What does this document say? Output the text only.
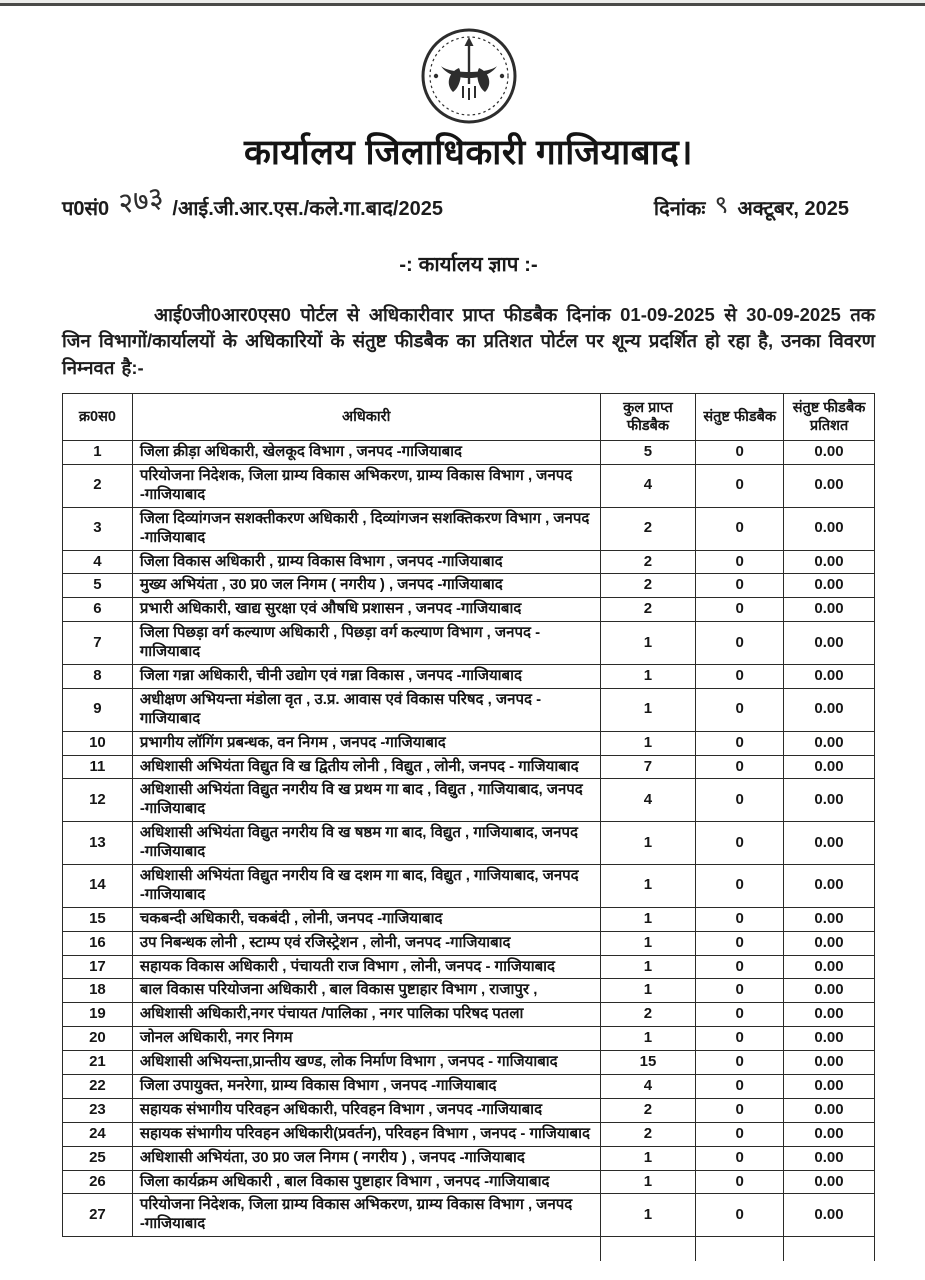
कार्यालय जिलाधिकारी गाजियाबाद।
प0सं0 २७३ /आई.जी.आर.एस./कले.गा.बाद/2025	दिनांकः ९ अक्टूबर, 2025
-: कार्यालय ज्ञाप :-
आई0जी0आर0एस0 पोर्टल से अधिकारीवार प्राप्त फीडबैक दिनांक 01-09-2025 से 30-09-2025 तक जिन विभागों/कार्यालयों के अधिकारियों के संतुष्ट फीडबैक का प्रतिशत पोर्टल पर शून्य प्रदर्शित हो रहा है, उनका विवरण निम्नवत है:-
क्र0स0	अधिकारी	कुल प्राप्त फीडबैक	संतुष्ट फीडबैक	संतुष्ट फीडबैक प्रतिशत
1	जिला क्रीड़ा अधिकारी, खेलकूद विभाग , जनपद -गाजियाबाद	5	0	0.00
2	परियोजना निदेशक, जिला ग्राम्य विकास अभिकरण, ग्राम्य विकास विभाग , जनपद -गाजियाबाद	4	0	0.00
3	जिला दिव्यांगजन सशक्तीकरण अधिकारी , दिव्यांगजन सशक्तिकरण विभाग , जनपद -गाजियाबाद	2	0	0.00
4	जिला विकास अधिकारी , ग्राम्य विकास विभाग , जनपद -गाजियाबाद	2	0	0.00
5	मुख्य अभियंता , उ0 प्र0 जल निगम ( नगरीय ) , जनपद -गाजियाबाद	2	0	0.00
6	प्रभारी अधिकारी, खाद्य सुरक्षा एवं औषधि प्रशासन , जनपद -गाजियाबाद	2	0	0.00
7	जिला पिछड़ा वर्ग कल्याण अधिकारी , पिछड़ा वर्ग कल्याण विभाग , जनपद - गाजियाबाद	1	0	0.00
8	जिला गन्ना अधिकारी, चीनी उद्योग एवं गन्ना विकास , जनपद -गाजियाबाद	1	0	0.00
9	अधीक्षण अभियन्ता मंडोला वृत , उ.प्र. आवास एवं विकास परिषद , जनपद - गाजियाबाद	1	0	0.00
10	प्रभागीय लॉगिंग प्रबन्धक, वन निगम , जनपद -गाजियाबाद	1	0	0.00
11	अधिशासी अभियंता विद्युत वि ख द्वितीय लोनी , विद्युत , लोनी, जनपद - गाजियाबाद	7	0	0.00
12	अधिशासी अभियंता विद्युत नगरीय वि ख प्रथम गा बाद , विद्युत , गाजियाबाद, जनपद -गाजियाबाद	4	0	0.00
13	अधिशासी अभियंता विद्युत नगरीय वि ख षष्ठम गा बाद, विद्युत , गाजियाबाद, जनपद -गाजियाबाद	1	0	0.00
14	अधिशासी अभियंता विद्युत नगरीय वि ख दशम गा बाद, विद्युत , गाजियाबाद, जनपद -गाजियाबाद	1	0	0.00
15	चकबन्दी अधिकारी, चकबंदी , लोनी, जनपद -गाजियाबाद	1	0	0.00
16	उप निबन्धक लोनी , स्टाम्प एवं रजिस्ट्रेशन , लोनी, जनपद -गाजियाबाद	1	0	0.00
17	सहायक विकास अधिकारी , पंचायती राज विभाग , लोनी, जनपद - गाजियाबाद	1	0	0.00
18	बाल विकास परियोजना अधिकारी , बाल विकास पुष्टाहार विभाग , राजापुर ,	1	0	0.00
19	अधिशासी अधिकारी,नगर पंचायत /पालिका , नगर पालिका परिषद पतला	2	0	0.00
20	जोनल अधिकारी, नगर निगम	1	0	0.00
21	अधिशासी अभियन्ता,प्रान्तीय खण्ड, लोक निर्माण विभाग , जनपद - गाजियाबाद	15	0	0.00
22	जिला उपायुक्त, मनरेगा, ग्राम्य विकास विभाग , जनपद -गाजियाबाद	4	0	0.00
23	सहायक संभागीय परिवहन अधिकारी, परिवहन विभाग , जनपद -गाजियाबाद	2	0	0.00
24	सहायक संभागीय परिवहन अधिकारी(प्रवर्तन), परिवहन विभाग , जनपद - गाजियाबाद	2	0	0.00
25	अधिशासी अभियंता, उ0 प्र0 जल निगम ( नगरीय ) , जनपद -गाजियाबाद	1	0	0.00
26	जिला कार्यक्रम अधिकारी , बाल विकास पुष्टाहार विभाग , जनपद -गाजियाबाद	1	0	0.00
27	परियोजना निदेशक, जिला ग्राम्य विकास अभिकरण, ग्राम्य विकास विभाग , जनपद -गाजियाबाद	1	0	0.00
